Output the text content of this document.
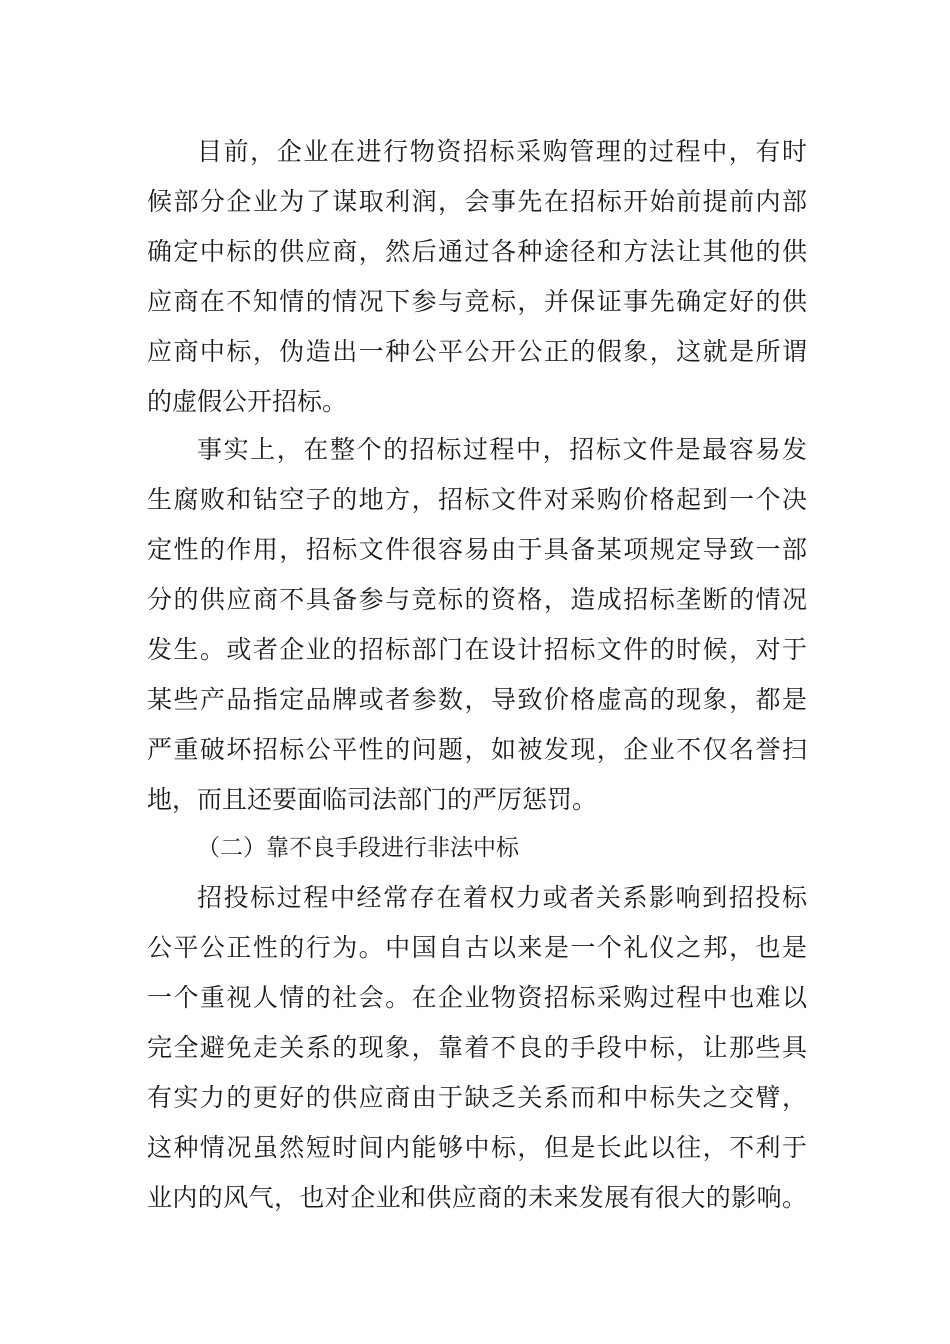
目前，企业在进行物资招标采购管理的过程中，有时
候部分企业为了谋取利润，会事先在招标开始前提前内部
确定中标的供应商，然后通过各种途径和方法让其他的供
应商在不知情的情况下参与竞标，并保证事先确定好的供
应商中标，伪造出一种公平公开公正的假象，这就是所谓
的虚假公开招标。
事实上，在整个的招标过程中，招标文件是最容易发
生腐败和钻空子的地方，招标文件对采购价格起到一个决
定性的作用，招标文件很容易由于具备某项规定导致一部
分的供应商不具备参与竞标的资格，造成招标垄断的情况
发生。或者企业的招标部门在设计招标文件的时候，对于
某些产品指定品牌或者参数，导致价格虚高的现象，都是
严重破坏招标公平性的问题，如被发现，企业不仅名誉扫
地，而且还要面临司法部门的严厉惩罚。
（二）靠不良手段进行非法中标
招投标过程中经常存在着权力或者关系影响到招投标
公平公正性的行为。中国自古以来是一个礼仪之邦，也是
一个重视人情的社会。在企业物资招标采购过程中也难以
完全避免走关系的现象，靠着不良的手段中标，让那些具
有实力的更好的供应商由于缺乏关系而和中标失之交臂，
这种情况虽然短时间内能够中标，但是长此以往，不利于
业内的风气，也对企业和供应商的未来发展有很大的影响。
